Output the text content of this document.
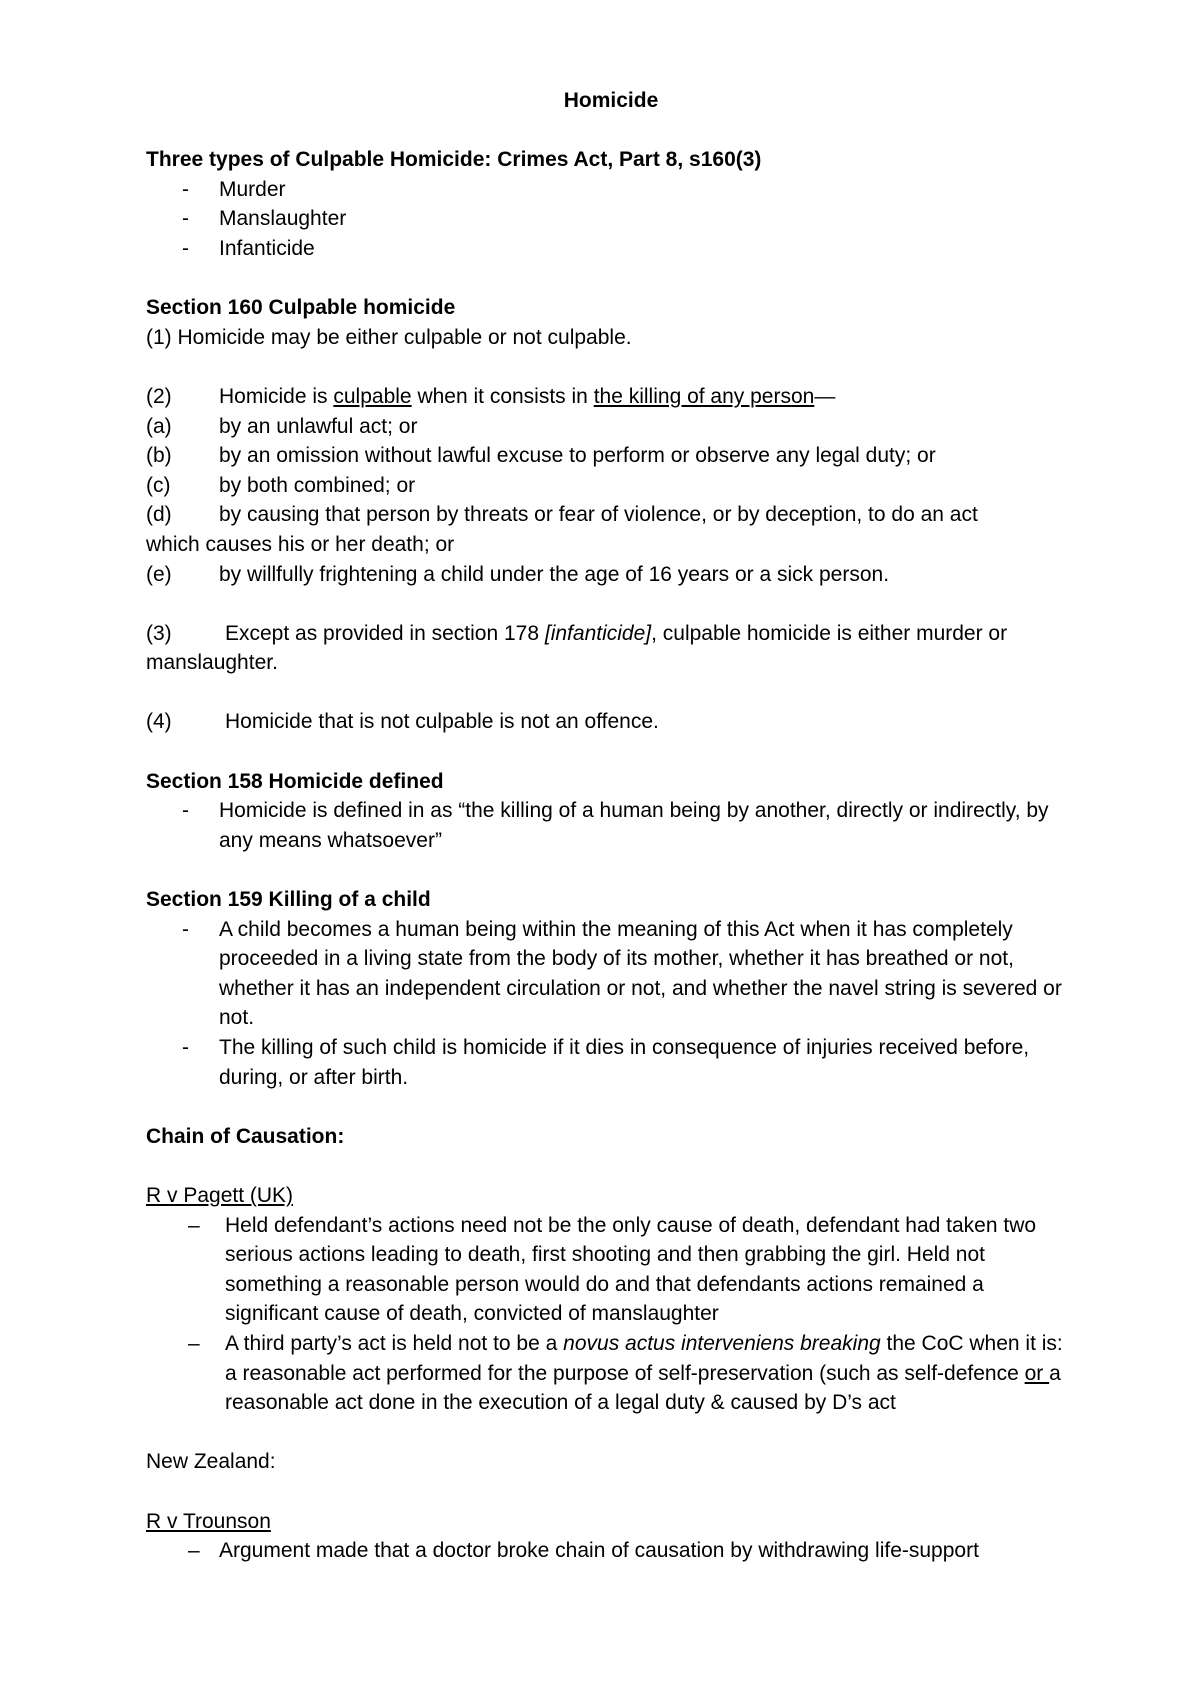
Homicide

Three types of Culpable Homicide: Crimes Act, Part 8, s160(3)

- Murder
- Manslaughter
- Infanticide

Section 160 Culpable homicide

(1) Homicide may be either culpable or not culpable.

(2)	Homicide is culpable when it consists in the killing of any person—
(a)	by an unlawful act; or
(b)	by an omission without lawful excuse to perform or observe any legal duty; or
(c)	by both combined; or
(d)	by causing that person by threats or fear of violence, or by deception, to do an act

which causes his or her death; or

(e)	by willfully frightening a child under the age of 16 years or a sick person.
(3)	Except as provided in section 178 [infanticide], culpable homicide is either murder or

manslaughter.

(4)	Homicide that is not culpable is not an offence.

Section 158 Homicide defined

- Homicide is defined in as “the killing of a human being by another, directly or indirectly, by any means whatsoever”

Section 159 Killing of a child

- A child becomes a human being within the meaning of this Act when it has completely proceeded in a living state from the body of its mother, whether it has breathed or not, whether it has an independent circulation or not, and whether the navel string is severed or not.
- The killing of such child is homicide if it dies in consequence of injuries received before, during, or after birth.

Chain of Causation:

R v Pagett (UK)

– Held defendant’s actions need not be the only cause of death, defendant had taken two serious actions leading to death, first shooting and then grabbing the girl. Held not something a reasonable person would do and that defendants actions remained a significant cause of death, convicted of manslaughter
– A third party’s act is held not to be a novus actus interveniens breaking the CoC when it is: a reasonable act performed for the purpose of self-preservation (such as self-defence or a reasonable act done in the execution of a legal duty & caused by D’s act

New Zealand:

R v Trounson

– Argument made that a doctor broke chain of causation by withdrawing life-support
